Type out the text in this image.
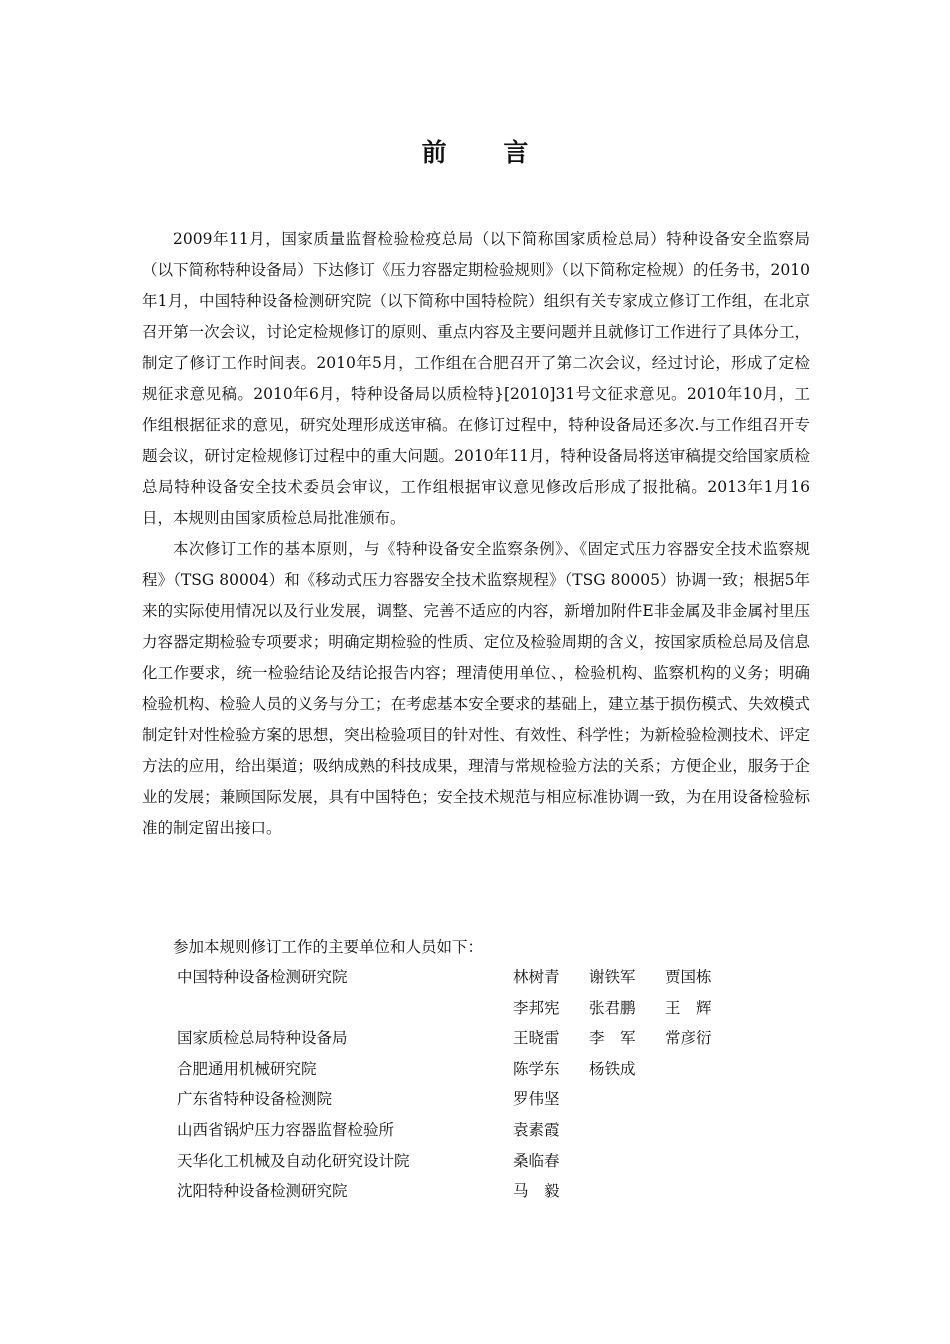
前 言

2009年11月，国家质量监督检验检疫总局（以下简称国家质检总局）特种设备安全监察局（以下简称特种设备局）下达修订《压力容器定期检验规则》（以下简称定检规）的任务书，2010年1月，中国特种设备检测研究院（以下简称中国特检院）组织有关专家成立修订工作组，在北京召开第一次会议，讨论定检规修订的原则、重点内容及主要问题并且就修订工作进行了具体分工，制定了修订工作时间表。2010年5月，工作组在合肥召开了第二次会议，经过讨论，形成了定检规征求意见稿。2010年6月，特种设备局以质检特}[2010]31号文征求意见。2010年10月，工作组根据征求的意见，研究处理形成送审稿。在修订过程中，特种设备局还多次.与工作组召开专题会议，研讨定检规修订过程中的重大问题。2010年11月，特种设备局将送审稿提交给国家质检总局特种设备安全技术委员会审议，工作组根据审议意见修改后形成了报批稿。2013年1月16日，本规则由国家质检总局批准颁布。

本次修订工作的基本原则，与《特种设备安全监察条例》、《固定式压力容器安全技术监察规程》（TSG 80004）和《移动式压力容器安全技术监察规程》（TSG 80005）协调一致；根据5年来的实际使用情况以及行业发展，调整、完善不适应的内容，新增加附件E非金属及非金属衬里压力容器定期检验专项要求；明确定期检验的性质、定位及检验周期的含义，按国家质检总局及信息化工作要求，统一检验结论及结论报告内容；理清使用单位、，检验机构、监察机构的义务；明确检验机构、检验人员的义务与分工；在考虑基本安全要求的基础上，建立基于损伤模式、失效模式制定针对性检验方案的思想，突出检验项目的针对性、有效性、科学性；为新检验检测技术、评定方法的应用，给出渠道；吸纳成熟的科技成果，理清与常规检验方法的关系；方便企业，服务于企业的发展；兼顾国际发展，具有中国特色；安全技术规范与相应标准协调一致，为在用设备检验标准的制定留出接口。

参加本规则修订工作的主要单位和人员如下：

中国特种设备检测研究院	林树青 谢铁军 贾国栋
李邦宪 张君鹏 王　辉
国家质检总局特种设备局	王晓雷 李　军 常彦衍
合肥通用机械研究院	陈学东 杨铁成
广东省特种设备检测院	罗伟坚
山西省锅炉压力容器监督检验所	袁素霞
天华化工机械及自动化研究设计院	桑临春
沈阳特种设备检测研究院	马　毅
